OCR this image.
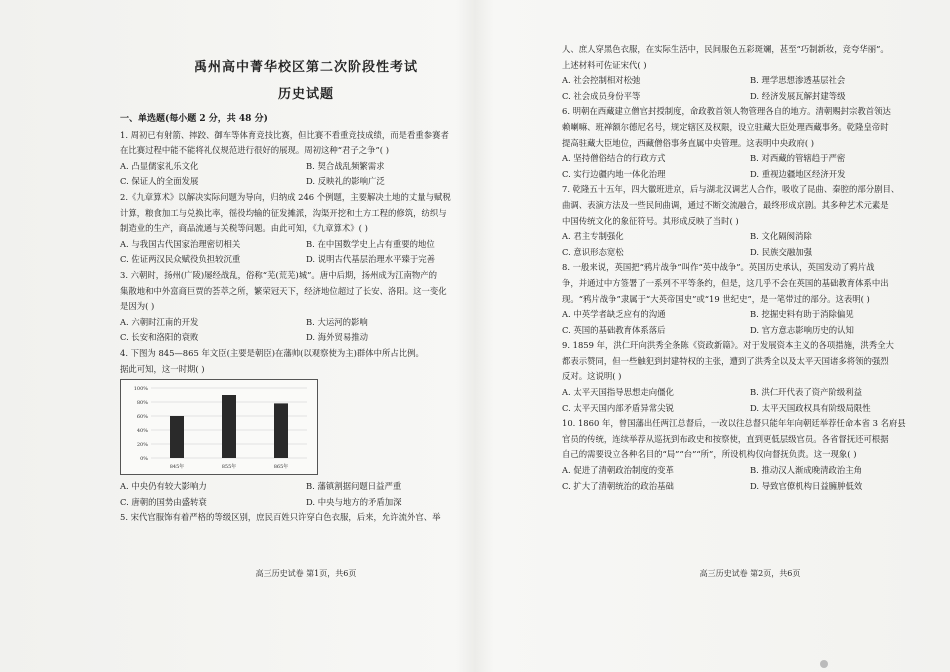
禹州高中菁华校区第二次阶段性考试
历史试题
一、单选题(每小题 2 分，共 48 分)
1. 周初已有射箭、摔跤、御车等体育竞技比赛，但比赛不看重竞技成绩，而是看重参赛者
在比赛过程中能不能将礼仪规范进行很好的展现。周初这种“君子之争”( )
A. 凸显儒家礼乐文化	B. 契合战乱频繁需求
C. 保证人的全面发展	D. 反映礼的影响广泛
2.《九章算术》以解决实际问题为导向，归纳成 246 个例题，主要解决土地的丈量与赋税
计算，粮食加工与兑换比率，徭役均输的征发摊派，沟渠开挖和土方工程的修筑，纺织与
制造业的生产，商品流通与关税等问题。由此可知，《九章算术》( )
A. 与我国古代国家治理密切相关	B. 在中国数学史上占有重要的地位
C. 佐证两汉民众赋役负担较沉重	D. 说明古代基层治理水平臻于完善
3. 六朝时，扬州(广陵)屡经战乱，俗称“芜(荒芜)城”。唐中后期，扬州成为江南物产的
集散地和中外富商巨贾的荟萃之所，繁荣冠天下，经济地位超过了长安、洛阳。这一变化
是因为( )
A. 六朝时江南的开发	B. 大运河的影响
C. 长安和洛阳的衰败	D. 海外贸易推动
4. 下图为 845—865 年文臣(主要是朝臣)在藩帅(以观察使为主)群体中所占比例。
据此可知，这一时期( )
0%
20%
40%
60%
80%
100%
845年	855年	865年
A. 中央仍有较大影响力	B. 藩镇割据问题日益严重
C. 唐朝的国势由盛转衰	D. 中央与地方的矛盾加深
5. 宋代官服饰有着严格的等级区别，庶民百姓只许穿白色衣服，后来，允许流外官、举
高三历史试卷 第1页，共6页
人、庶人穿黑色衣服，在实际生活中，民间服色五彩斑斓，甚至“巧制新妆，竞夸华丽”。
上述材料可佐证宋代( )
A. 社会控制相对松弛	B. 理学思想渗透基层社会
C. 社会成员身份平等	D. 经济发展瓦解封建等级
6. 明朝在西藏建立僧官封授制度，命政教首领人物管理各自的地方。清朝赐封宗教首领达
赖喇嘛、班禅额尔德尼名号，规定辖区及权限，设立驻藏大臣处理西藏事务。乾隆皇帝时
提高驻藏大臣地位，西藏僧俗事务直属中央管理。这表明中央政府( )
A. 坚持僧俗结合的行政方式	B. 对西藏的管辖趋于严密
C. 实行边疆内地一体化治理	D. 重视边疆地区经济开发
7. 乾隆五十五年，四大徽班进京，后与湖北汉调艺人合作，吸收了昆曲、秦腔的部分剧目、
曲调、表演方法及一些民间曲调，通过不断交流融合，最终形成京剧。其多种艺术元素是
中国传统文化的象征符号。其形成反映了当时( )
A. 君主专制强化	B. 文化隔阂消除
C. 意识形态宽松	D. 民族交融加强
8. 一般来说，英国把“鸦片战争”叫作“英中战争”。英国历史承认，英国发动了鸦片战
争，并通过中方签署了一系列不平等条约，但是，这几乎不会在英国的基础教育体系中出
现。“鸦片战争”隶属于“大英帝国史”或“19 世纪史”，是一笔带过的部分。这表明( )
A. 中英学者缺乏应有的沟通	B. 挖掘史料有助于消除偏见
C. 英国的基础教育体系落后	D. 官方意志影响历史的认知
9. 1859 年，洪仁玕向洪秀全条陈《资政新篇》。对于发展资本主义的各项措施，洪秀全大
都表示赞同，但一些触犯到封建特权的主张，遭到了洪秀全以及太平天国诸多将领的强烈
反对。这说明( )
A. 太平天国指导思想走向僵化	B. 洪仁玕代表了资产阶级利益
C. 太平天国内部矛盾异常尖锐	D. 太平天国政权具有阶级局限性
10. 1860 年，曾国藩出任两江总督后，一改以往总督只能年年向朝廷举荐任命本省 3 名府县
官员的传统，连续举荐从巡抚到布政史和按察使，直到更低层级官员。各省督抚还可根据
自己的需要设立各种名目的“局”“台”“所”，所设机构仅向督抚负责。这一现象( )
A. 促进了清朝政治制度的变革	B. 推动汉人渐成晚清政治主角
C. 扩大了清朝统治的政治基础	D. 导致官僚机构日益臃肿低效
高三历史试卷 第2页，共6页
